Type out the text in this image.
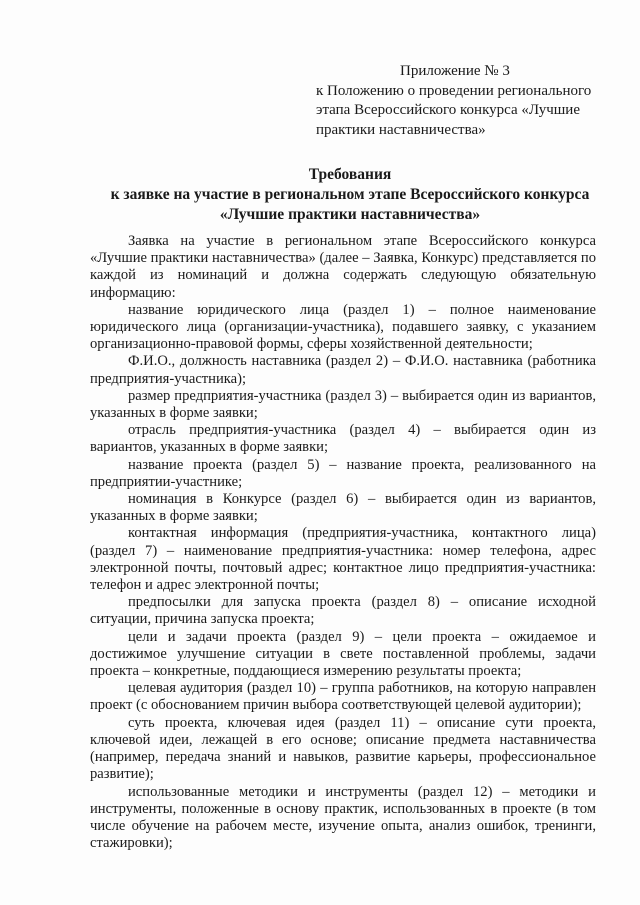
Приложение № 3
к Положению о проведении регионального
этапа Всероссийского конкурса «Лучшие
практики наставничества»
Требования
к заявке на участие в региональном этапе Всероссийского конкурса
«Лучшие практики наставничества»

Заявка на участие в региональном этапе Всероссийского конкурса «Лучшие практики наставничества» (далее – Заявка, Конкурс) представляется по каждой из номинаций и должна содержать следующую обязательную информацию:

название юридического лица (раздел 1) – полное наименование юридического лица (организации-участника), подавшего заявку, с указанием организационно-правовой формы, сферы хозяйственной деятельности;

Ф.И.О., должность наставника (раздел 2) – Ф.И.О. наставника (работника предприятия-участника);

размер предприятия-участника (раздел 3) – выбирается один из вариантов, указанных в форме заявки;

отрасль предприятия-участника (раздел 4) – выбирается один из вариантов, указанных в форме заявки;

название проекта (раздел 5) – название проекта, реализованного на предприятии-участнике;

номинация в Конкурсе (раздел 6) – выбирается один из вариантов, указанных в форме заявки;

контактная информация (предприятия-участника, контактного лица) (раздел 7) – наименование предприятия-участника: номер телефона, адрес электронной почты, почтовый адрес; контактное лицо предприятия-участника: телефон и адрес электронной почты;

предпосылки для запуска проекта (раздел 8) – описание исходной ситуации, причина запуска проекта;

цели и задачи проекта (раздел 9) – цели проекта – ожидаемое и достижимое улучшение ситуации в свете поставленной проблемы, задачи проекта – конкретные, поддающиеся измерению результаты проекта;

целевая аудитория (раздел 10) – группа работников, на которую направлен проект (с обоснованием причин выбора соответствующей целевой аудитории);

суть проекта, ключевая идея (раздел 11) – описание сути проекта, ключевой идеи, лежащей в его основе; описание предмета наставничества (например, передача знаний и навыков, развитие карьеры, профессиональное развитие);

использованные методики и инструменты (раздел 12) – методики и инструменты, положенные в основу практик, использованных в проекте (в том числе обучение на рабочем месте, изучение опыта, анализ ошибок, тренинги, стажировки);
